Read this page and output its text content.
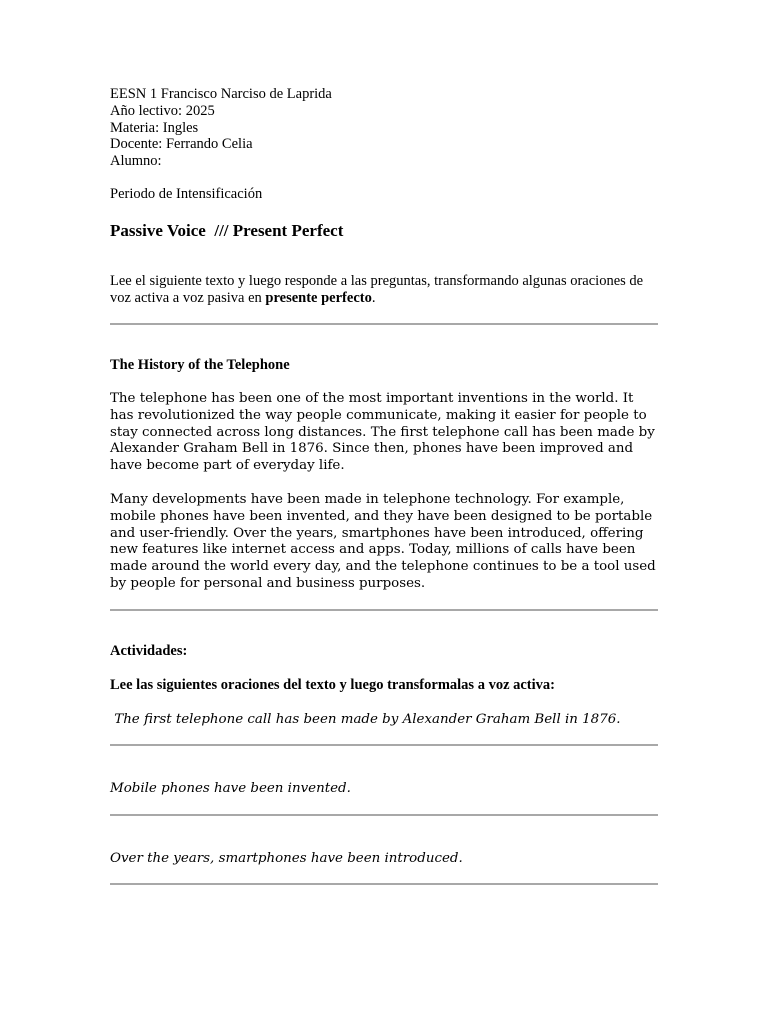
EESN 1 Francisco Narciso de Laprida
Año lectivo: 2025
Materia: Ingles
Docente: Ferrando Celia
Alumno:
Periodo de Intensificación
Passive Voice  /// Present Perfect
Lee el siguiente texto y luego responde a las preguntas, transformando algunas oraciones de voz activa a voz pasiva en presente perfecto.
The History of the Telephone
The telephone has been one of the most important inventions in the world. It has revolutionized the way people communicate, making it easier for people to stay connected across long distances. The first telephone call has been made by Alexander Graham Bell in 1876. Since then, phones have been improved and have become part of everyday life.
Many developments have been made in telephone technology. For example, mobile phones have been invented, and they have been designed to be portable and user-friendly. Over the years, smartphones have been introduced, offering new features like internet access and apps. Today, millions of calls have been made around the world every day, and the telephone continues to be a tool used by people for personal and business purposes.
Actividades:
Lee las siguientes oraciones del texto y luego transformalas a voz activa:
The first telephone call has been made by Alexander Graham Bell in 1876.
Mobile phones have been invented.
Over the years, smartphones have been introduced.
